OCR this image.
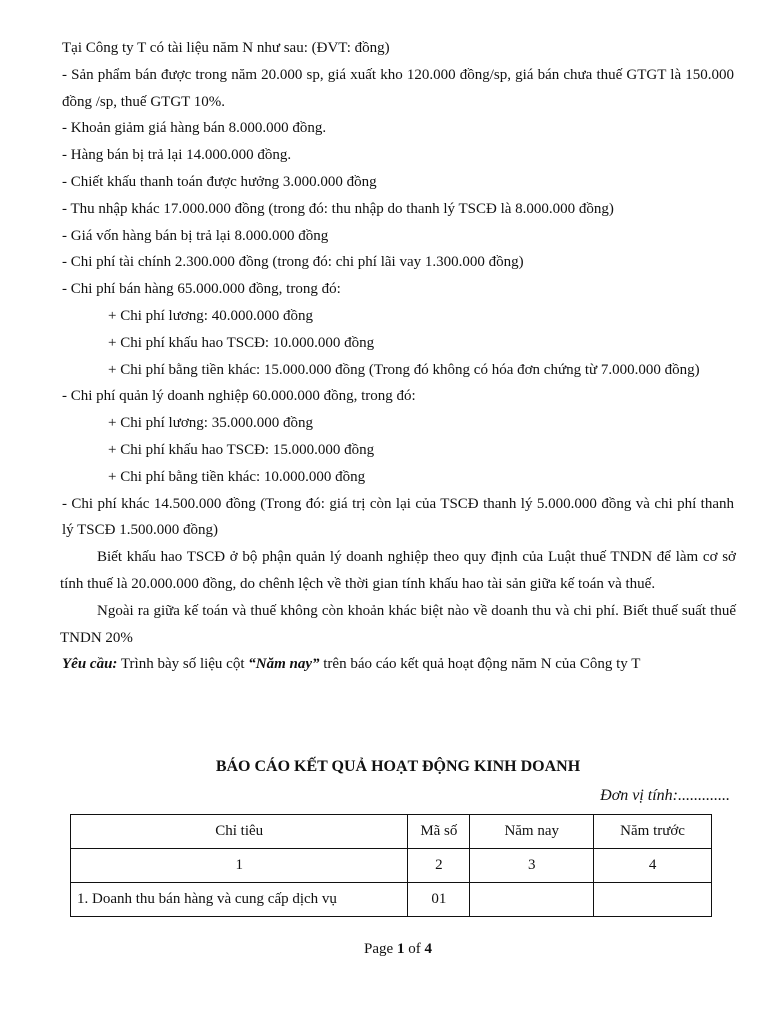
Tại Công ty T có tài liệu năm N như sau: (ĐVT: đồng)

- Sản phẩm bán được trong năm 20.000 sp, giá xuất kho 120.000 đồng/sp, giá bán chưa thuế GTGT là 150.000 đồng /sp, thuế GTGT 10%.

- Khoản giảm giá hàng bán 8.000.000 đồng.

- Hàng bán bị trả lại 14.000.000 đồng.

- Chiết khấu thanh toán được hưởng 3.000.000 đồng

- Thu nhập khác 17.000.000 đồng (trong đó: thu nhập do thanh lý TSCĐ là 8.000.000 đồng)

- Giá vốn hàng bán bị trả lại 8.000.000 đồng

- Chi phí tài chính 2.300.000 đồng (trong đó: chi phí lãi vay 1.300.000 đồng)

- Chi phí bán hàng 65.000.000 đồng, trong đó:

+ Chi phí lương: 40.000.000 đồng

+ Chi phí khấu hao TSCĐ: 10.000.000 đồng

+ Chi phí bằng tiền khác: 15.000.000 đồng (Trong đó không có hóa đơn chứng từ 7.000.000 đồng)

- Chi phí quản lý doanh nghiệp 60.000.000 đồng, trong đó:

+ Chi phí lương: 35.000.000 đồng

+ Chi phí khấu hao TSCĐ: 15.000.000 đồng

+ Chi phí bằng tiền khác: 10.000.000 đồng

- Chi phí khác 14.500.000 đồng (Trong đó: giá trị còn lại của TSCĐ thanh lý 5.000.000 đồng và chi phí thanh lý TSCĐ 1.500.000 đồng)

Biết khấu hao TSCĐ ở bộ phận quản lý doanh nghiệp theo quy định của Luật thuế TNDN để làm cơ sở tính thuế là 20.000.000 đồng, do chênh lệch về thời gian tính khấu hao tài sản giữa kế toán và thuế.

Ngoài ra giữa kế toán và thuế không còn khoản khác biệt nào về doanh thu và chi phí. Biết thuế suất thuế TNDN 20%

Yêu cầu: Trình bày số liệu cột “Năm nay” trên báo cáo kết quả hoạt động năm N của Công ty T

BÁO CÁO KẾT QUẢ HOẠT ĐỘNG KINH DOANH
Đơn vị tính:.............
Chỉ tiêu	Mã số	Năm nay	Năm trước
1	2	3	4
1. Doanh thu bán hàng và cung cấp dịch vụ	01		
Page 1 of 4
